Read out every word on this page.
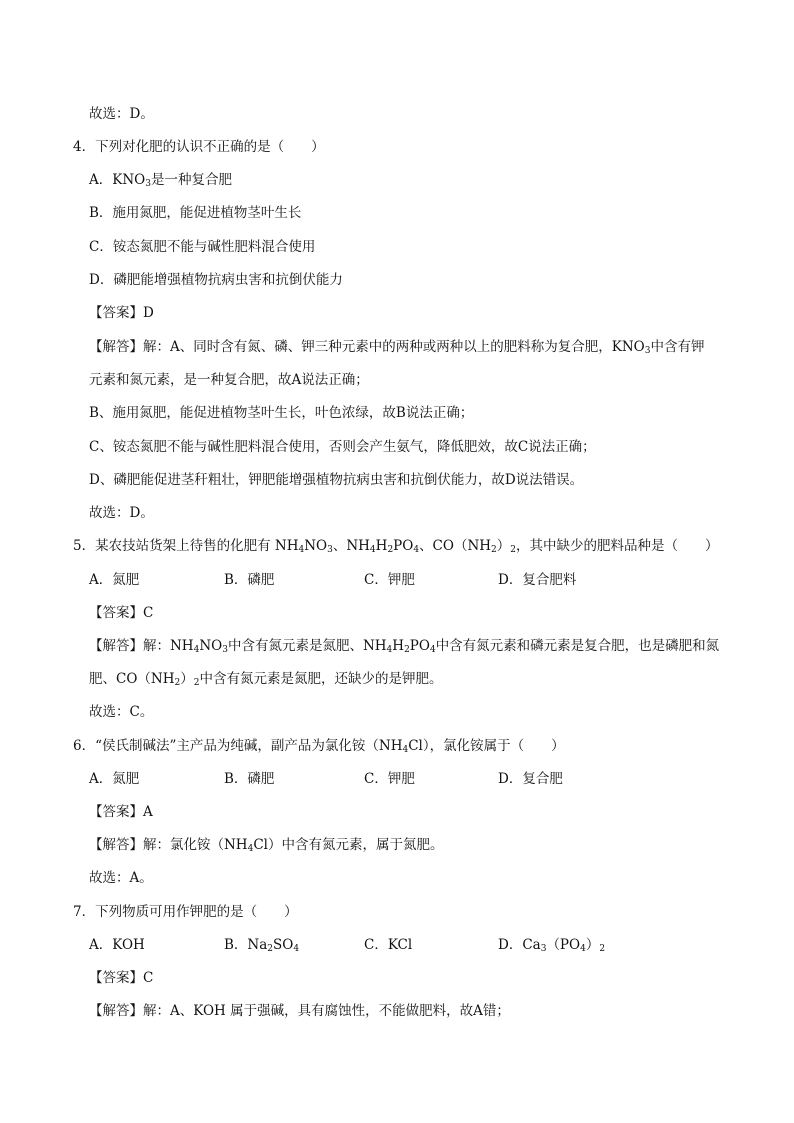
故选：D。
4．下列对化肥的认识不正确的是（　　）
A．$KNO_3$是一种复合肥
B．施用氮肥，能促进植物茎叶生长
C．铵态氮肥不能与碱性肥料混合使用
D．磷肥能增强植物抗病虫害和抗倒伏能力
【答案】D
【解答】解：A、同时含有氮、磷、钾三种元素中的两种或两种以上的肥料称为复合肥，$KNO_3$中含有钾
元素和氮元素，是一种复合肥，故A说法正确；
B、施用氮肥，能促进植物茎叶生长，叶色浓绿，故B说法正确；
C、铵态氮肥不能与碱性肥料混合使用，否则会产生氨气，降低肥效，故C说法正确；
D、磷肥能促进茎秆粗壮，钾肥能增强植物抗病虫害和抗倒伏能力，故D说法错误。
故选：D。
5．某农技站货架上待售的化肥有 $NH_4NO_3$、$NH_4H_2PO_4$、$CO(NH_2)_2$，其中缺少的肥料品种是（　　）
A．氮肥	B．磷肥	C．钾肥	D．复合肥料
【答案】C
【解答】解：$NH_4NO_3$中含有氮元素是氮肥、$NH_4H_2PO_4$中含有氮元素和磷元素是复合肥，也是磷肥和氮
肥、$CO(NH_2)_2$中含有氮元素是氮肥，还缺少的是钾肥。
故选：C。
6．“侯氏制碱法”主产品为纯碱，副产品为氯化铵$(NH_4Cl)$，氯化铵属于（　　）
A．氮肥	B．磷肥	C．钾肥	D．复合肥
【答案】A
【解答】解：氯化铵$(NH_4Cl)$中含有氮元素，属于氮肥。
故选：A。
7．下列物质可用作钾肥的是（　　）
A．KOH	B．$Na_2SO_4$	C．KCl	D．$Ca_3(PO_4)_2$
【答案】C
【解答】解：A、KOH 属于强碱，具有腐蚀性，不能做肥料，故A错；
